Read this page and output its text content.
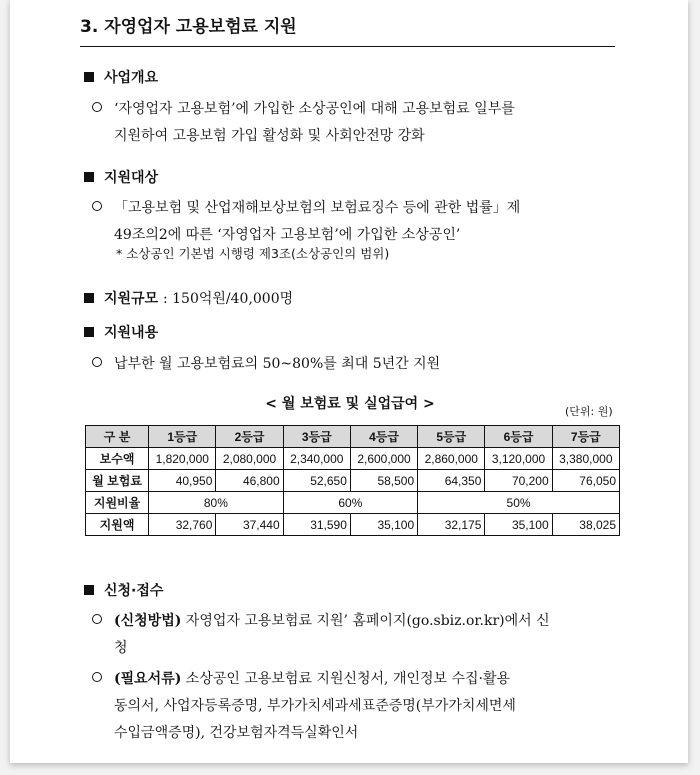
3. 자영업자 고용보험료 지원
사업개요
‘자영업자 고용보험’에 가입한 소상공인에 대해 고용보험료 일부를
지원하여 고용보험 가입 활성화 및 사회안전망 강화
지원대상
「고용보험 및 산업재해보상보험의 보험료징수 등에 관한 법률」제
49조의2에 따른 ‘자영업자 고용보험’에 가입한 소상공인’
* 소상공인 기본법 시행령 제3조(소상공인의 범위)
지원규모 : 150억원/40,000명
지원내용
납부한 월 고용보험료의 50~80%를 최대 5년간 지원
< 월 보험료 및 실업급여 >	(단위: 원)
구 분	1등급	2등급	3등급	4등급	5등급	6등급	7등급
보수액	1,820,000	2,080,000	2,340,000	2,600,000	2,860,000	3,120,000	3,380,000
월 보험료	40,950	46,800	52,650	58,500	64,350	70,200	76,050
지원비율	80%		60%		50%		
지원액	32,760	37,440	31,590	35,100	32,175	35,100	38,025
신청·접수
(신청방법) 자영업자 고용보험료 지원’ 홈페이지(go.sbiz.or.kr)에서 신
청
(필요서류) 소상공인 고용보험료 지원신청서, 개인정보 수집·활용
동의서, 사업자등록증명, 부가가치세과세표준증명(부가가치세면세
수입금액증명), 건강보험자격득실확인서
